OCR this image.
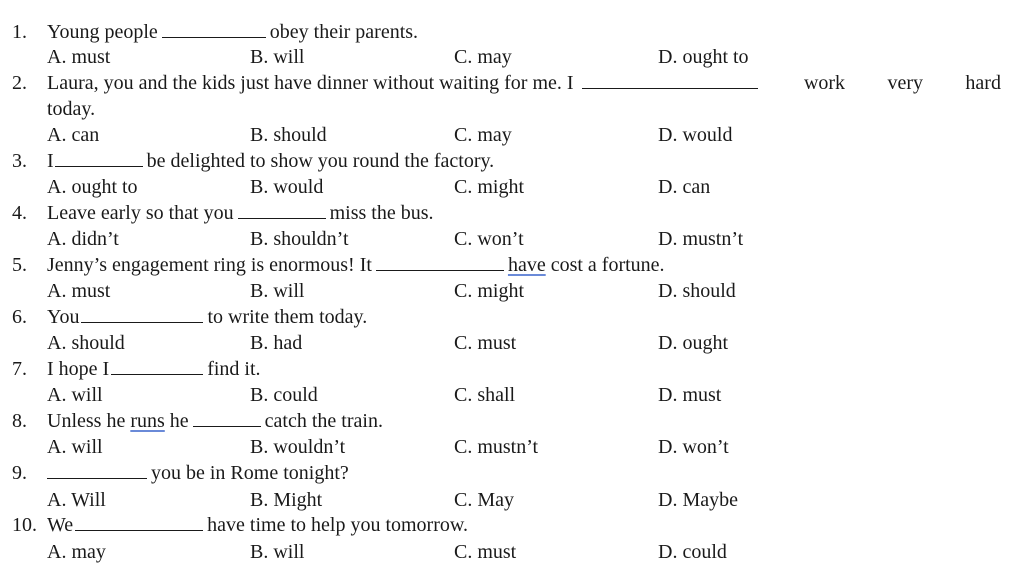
1. Young people	obey their parents.
A. must	B. will	C. may	D. ought to
2. Laura, you and the kids just have dinner without waiting for me. I	work very hard
today.
A. can	B. should	C. may	D. would
3. I	be delighted to show you round the factory.
A. ought to	B. would	C. might	D. can
4. Leave early so that you	miss the bus.
A. didn’t	B. shouldn’t	C. won’t	D. mustn’t
5. Jenny’s engagement ring is enormous! It	have cost a fortune.
A. must	B. will	C. might	D. should
6. You	to write them today.
A. should	B. had	C. must	D. ought
7. I hope I	find it.
A. will	B. could	C. shall	D. must
8. Unless he runs he	catch the train.
A. will	B. wouldn’t	C. mustn’t	D. won’t
9.	you be in Rome tonight?
A. Will	B. Might	C. May	D. Maybe
10. We	have time to help you tomorrow.
A. may	B. will	C. must	D. could
